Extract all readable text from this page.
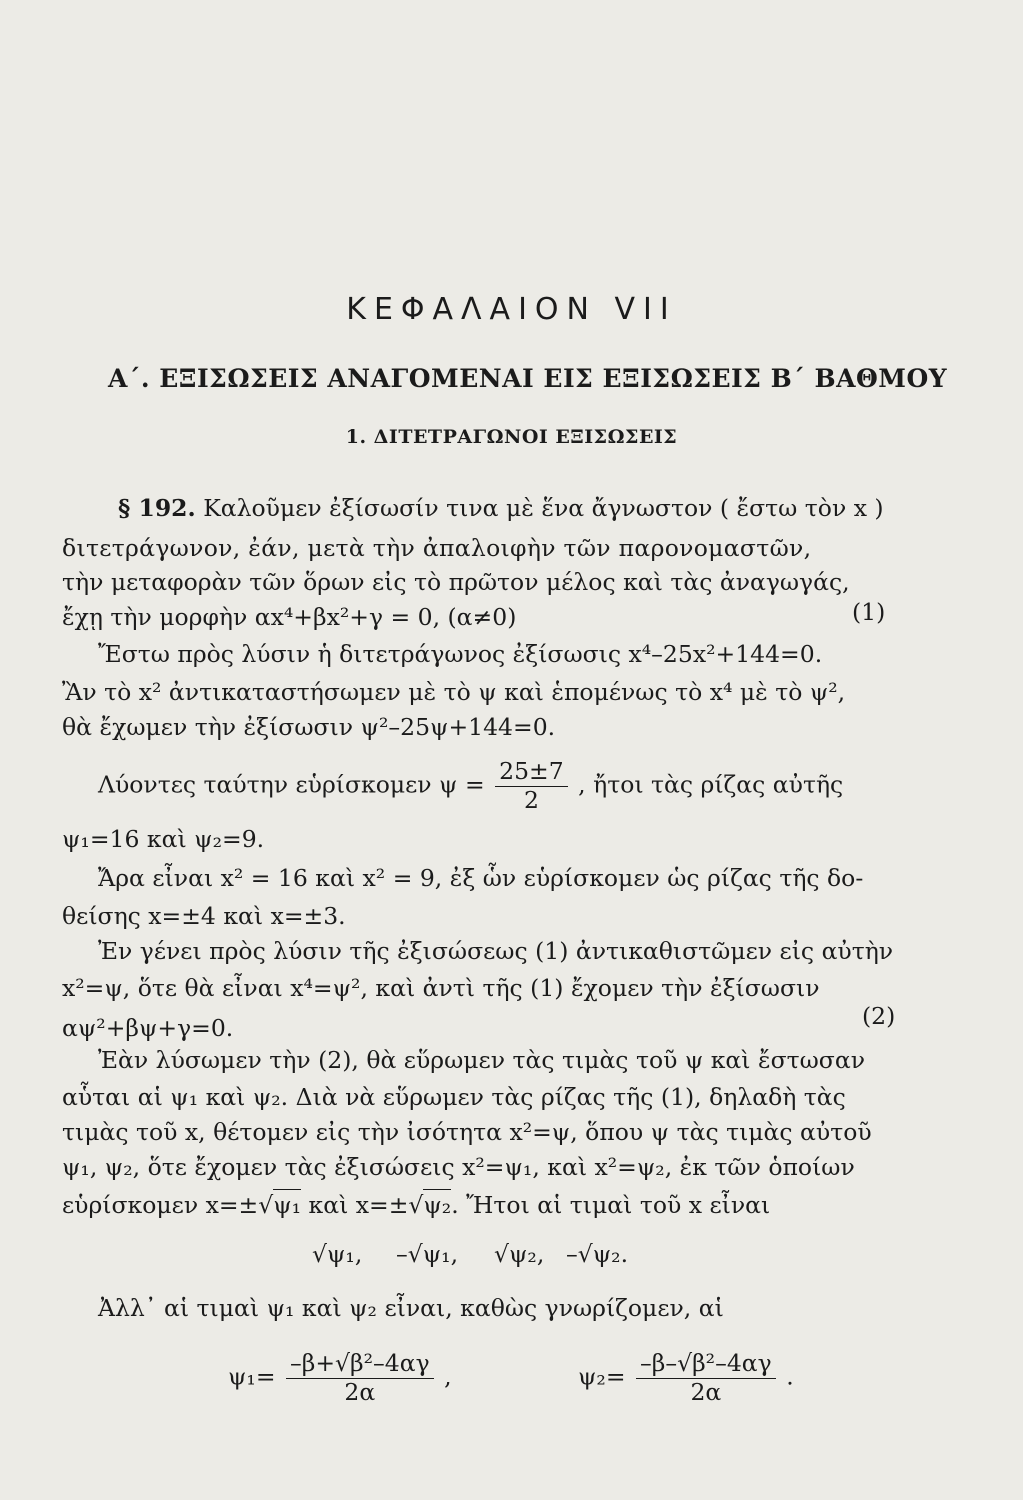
ΚΕΦΑΛΑΙΟΝ VII
Α΄. ΕΞΙΣΩΣΕΙΣ ΑΝΑΓΟΜΕΝΑΙ ΕΙΣ ΕΞΙΣΩΣΕΙΣ Β΄ ΒΑΘΜΟΥ
1. ΔΙΤΕΤΡΑΓΩΝΟΙ ΕΞΙΣΩΣΕΙΣ
§ 192. Καλοῦμεν ἐξίσωσίν τινα μὲ ἕνα ἄγνωστον ( ἔστω τὸν x )
διτετράγωνον, ἐάν, μετὰ τὴν ἀπαλοιφὴν τῶν παρονομαστῶν,
τὴν μεταφορὰν τῶν ὅρων εἰς τὸ πρῶτον μέλος καὶ τὰς ἀναγωγάς,
ἔχῃ τὴν μορφὴν αx⁴+βx²+γ = 0, (α≠0)	(1)
Ἔστω πρὸς λύσιν ἡ διτετράγωνος ἐξίσωσις x⁴–25x²+144=0.
Ἂν τὸ x² ἀντικαταστήσωμεν μὲ τὸ ψ καὶ ἑπομένως τὸ x⁴ μὲ τὸ ψ²,
θὰ ἔχωμεν τὴν ἐξίσωσιν ψ²–25ψ+144=0.
Λύοντες ταύτην εὑρίσκομεν $\psi = \frac{25\pm 7}{2}$ , ἤτοι τὰς ρίζας αὐτῆς
ψ₁=16 καὶ ψ₂=9.
Ἄρα εἶναι x² = 16 καὶ x² = 9, ἐξ ὧν εὑρίσκομεν ὡς ρίζας τῆς δο-
θείσης x=±4 καὶ x=±3.
Ἐν γένει πρὸς λύσιν τῆς ἐξισώσεως (1) ἀντικαθιστῶμεν εἰς αὐτὴν
x²=ψ, ὅτε θὰ εἶναι x⁴=ψ², καὶ ἀντὶ τῆς (1) ἔχομεν τὴν ἐξίσωσιν
αψ²+βψ+γ=0.	(2)
Ἐὰν λύσωμεν τὴν (2), θὰ εὕρωμεν τὰς τιμὰς τοῦ ψ καὶ ἔστωσαν
αὗται αἱ ψ₁ καὶ ψ₂. Διὰ νὰ εὕρωμεν τὰς ρίζας τῆς (1), δηλαδὴ τὰς
τιμὰς τοῦ x, θέτομεν εἰς τὴν ἰσότητα x²=ψ, ὅπου ψ τὰς τιμὰς αὐτοῦ
ψ₁, ψ₂, ὅτε ἔχομεν τὰς ἐξισώσεις x²=ψ₁, καὶ x²=ψ₂, ἐκ τῶν ὁποίων
εὑρίσκομεν x=±√ψ₁ καὶ x=±√ψ₂. Ἤτοι αἱ τιμαὶ τοῦ x εἶναι
√ψ₁, –√ψ₁, √ψ₂, –√ψ₂.
Ἀλλ᾽ αἱ τιμαὶ ψ₁ καὶ ψ₂ εἶναι, καθὼς γνωρίζομεν, αἱ
$\psi_1= \frac{\text{–β+√β²–4αγ}}{2\alpha}$ ,	$\psi_2= \frac{\text{–β–√β²–4αγ}}{2\alpha}$ .
